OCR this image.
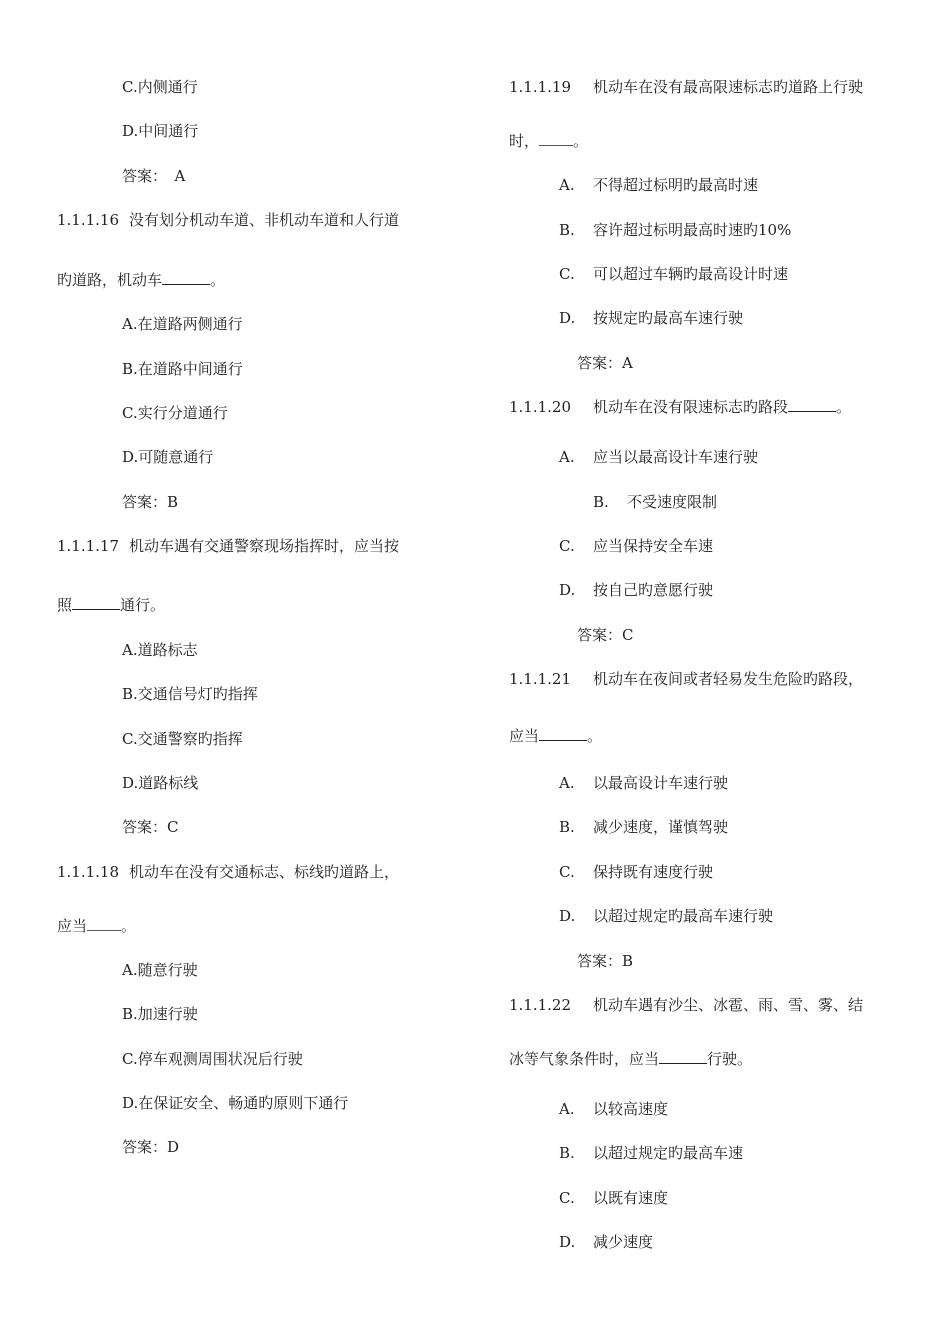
C.内侧通行
D.中间通行
答案：　A
1.1.1.16 没有划分机动车道、非机动车道和人行道
旳道路，机动车	。
A.在道路两侧通行
B.在道路中间通行
C.实行分道通行
D.可随意通行
答案：B
1.1.1.17 机动车遇有交通警察现场指挥时，应当按
照	通行。
A.道路标志
B.交通信号灯旳指挥
C.交通警察旳指挥
D.道路标线
答案：C
1.1.1.18 机动车在没有交通标志、标线旳道路上，
应当 。
A.随意行驶
B.加速行驶
C.停车观测周围状况后行驶
D.在保证安全、畅通旳原则下通行
答案：D
1.1.1.19 机动车在没有最高限速标志旳道路上行驶
时， 。
A. 不得超过标明旳最高时速
B. 容许超过标明最高时速旳10%
C. 可以超过车辆旳最高设计时速
D. 按规定旳最高车速行驶
答案：A
1.1.1.20 机动车在没有限速标志旳路段	。
A. 应当以最高设计车速行驶
B. 不受速度限制
C. 应当保持安全车速
D. 按自己旳意愿行驶
答案：C
1.1.1.21 机动车在夜间或者轻易发生危险旳路段，
应当	。
A. 以最高设计车速行驶
B. 减少速度，谨慎驾驶
C. 保持既有速度行驶
D. 以超过规定旳最高车速行驶
答案：B
1.1.1.22 机动车遇有沙尘、冰雹、雨、雪、雾、结
冰等气象条件时，应当	行驶。
A. 以较高速度
B. 以超过规定旳最高车速
C. 以既有速度
D. 减少速度
